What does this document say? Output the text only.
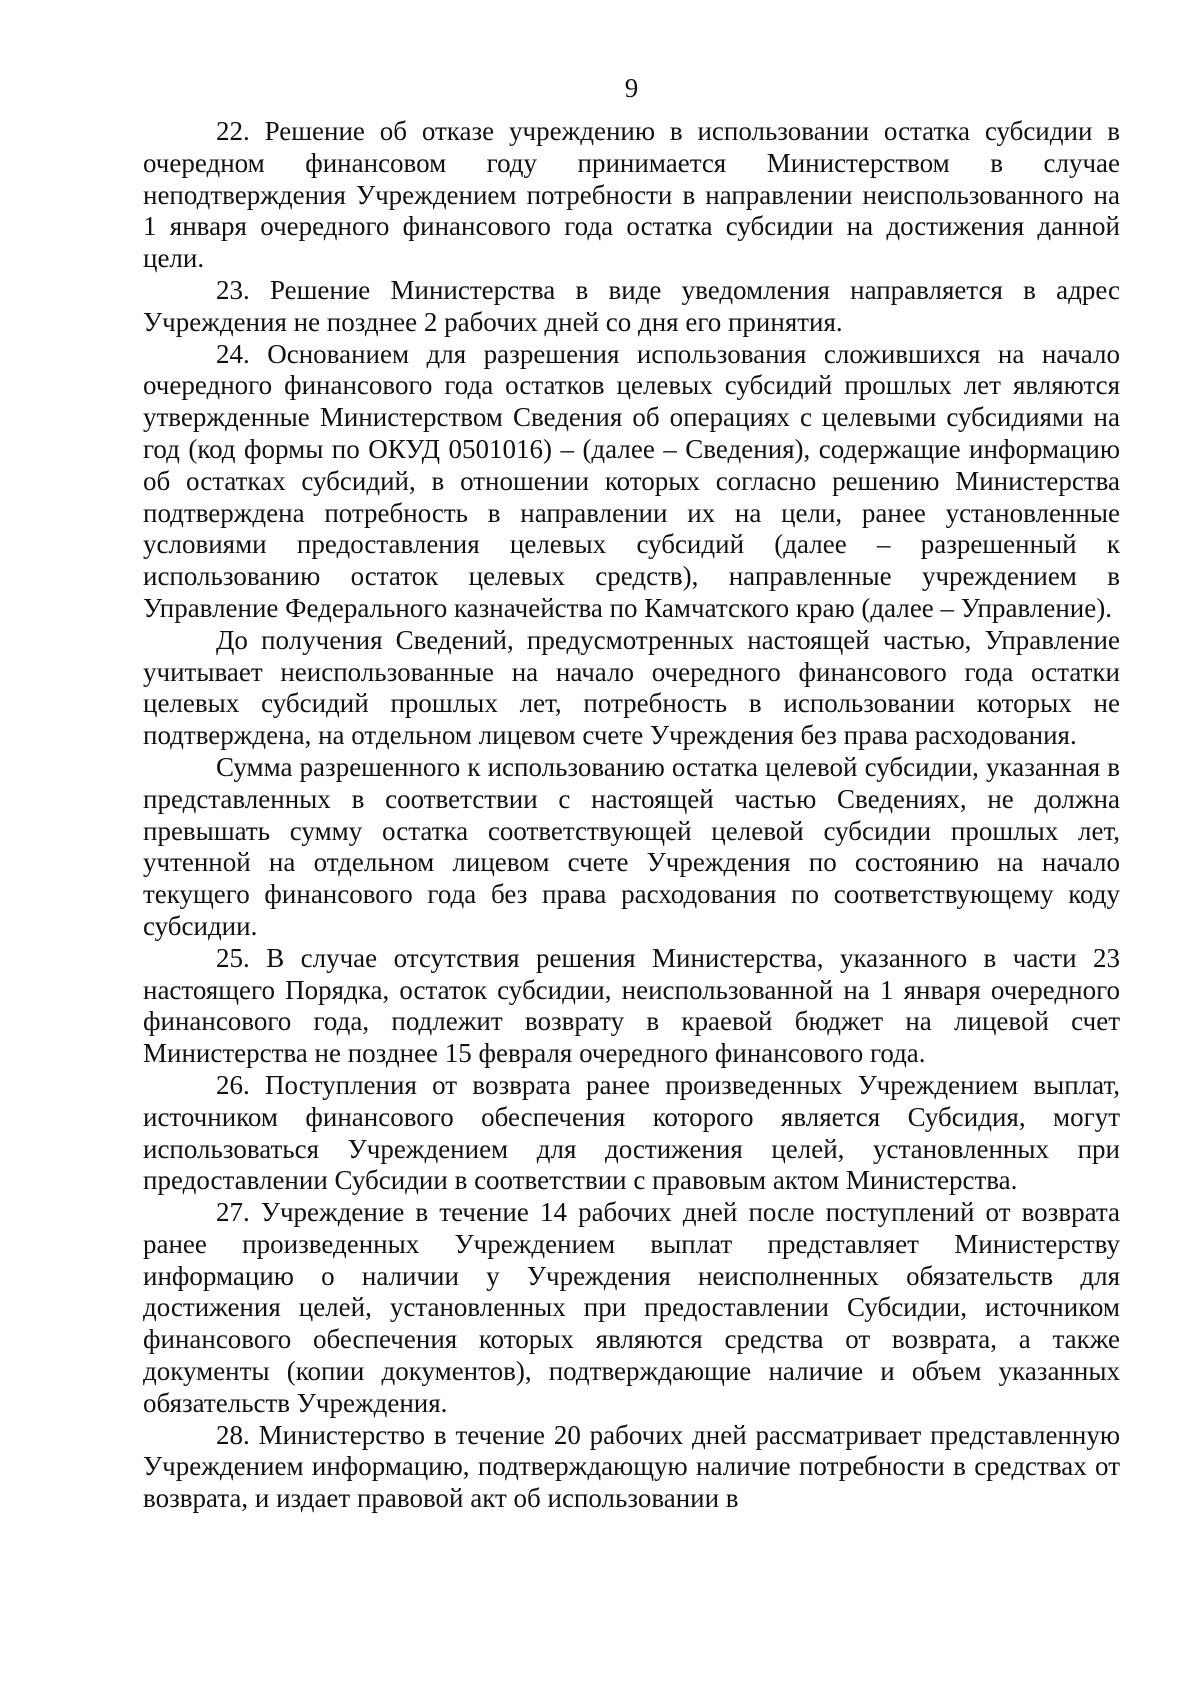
9

22. Решение об отказе учреждению в использовании остатка субсидии в очередном финансовом году принимается Министерством в случае неподтверждения Учреждением потребности в направлении неиспользованного на 1 января очередного финансового года остатка субсидии на достижения данной цели.

23. Решение Министерства в виде уведомления направляется в адрес Учреждения не позднее 2 рабочих дней со дня его принятия.

24. Основанием для разрешения использования сложившихся на начало очередного финансового года остатков целевых субсидий прошлых лет являются утвержденные Министерством Сведения об операциях с целевыми субсидиями на год (код формы по ОКУД 0501016) – (далее – Сведения), содержащие информацию об остатках субсидий, в отношении которых согласно решению Министерства подтверждена потребность в направлении их на цели, ранее установленные условиями предоставления целевых субсидий (далее – разрешенный к использованию остаток целевых средств), направленные учреждением в Управление Федерального казначейства по Камчатского краю (далее – Управление).

До получения Сведений, предусмотренных настоящей частью, Управление учитывает неиспользованные на начало очередного финансового года остатки целевых субсидий прошлых лет, потребность в использовании которых не подтверждена, на отдельном лицевом счете Учреждения без права расходования.

Сумма разрешенного к использованию остатка целевой субсидии, указанная в представленных в соответствии с настоящей частью Сведениях, не должна превышать сумму остатка соответствующей целевой субсидии прошлых лет, учтенной на отдельном лицевом счете Учреждения по состоянию на начало текущего финансового года без права расходования по соответствующему коду субсидии.

25. В случае отсутствия решения Министерства, указанного в части 23 настоящего Порядка, остаток субсидии, неиспользованной на 1 января очередного финансового года, подлежит возврату в краевой бюджет на лицевой счет Министерства не позднее 15 февраля очередного финансового года.

26. Поступления от возврата ранее произведенных Учреждением выплат, источником финансового обеспечения которого является Субсидия, могут использоваться Учреждением для достижения целей, установленных при предоставлении Субсидии в соответствии с правовым актом Министерства.

27. Учреждение в течение 14 рабочих дней после поступлений от возврата ранее произведенных Учреждением выплат представляет Министерству информацию о наличии у Учреждения неисполненных обязательств для достижения целей, установленных при предоставлении Субсидии, источником финансового обеспечения которых являются средства от возврата, а также документы (копии документов), подтверждающие наличие и объем указанных обязательств Учреждения.

28. Министерство в течение 20 рабочих дней рассматривает представленную Учреждением информацию, подтверждающую наличие потребности в средствах от возврата, и издает правовой акт об использовании в
